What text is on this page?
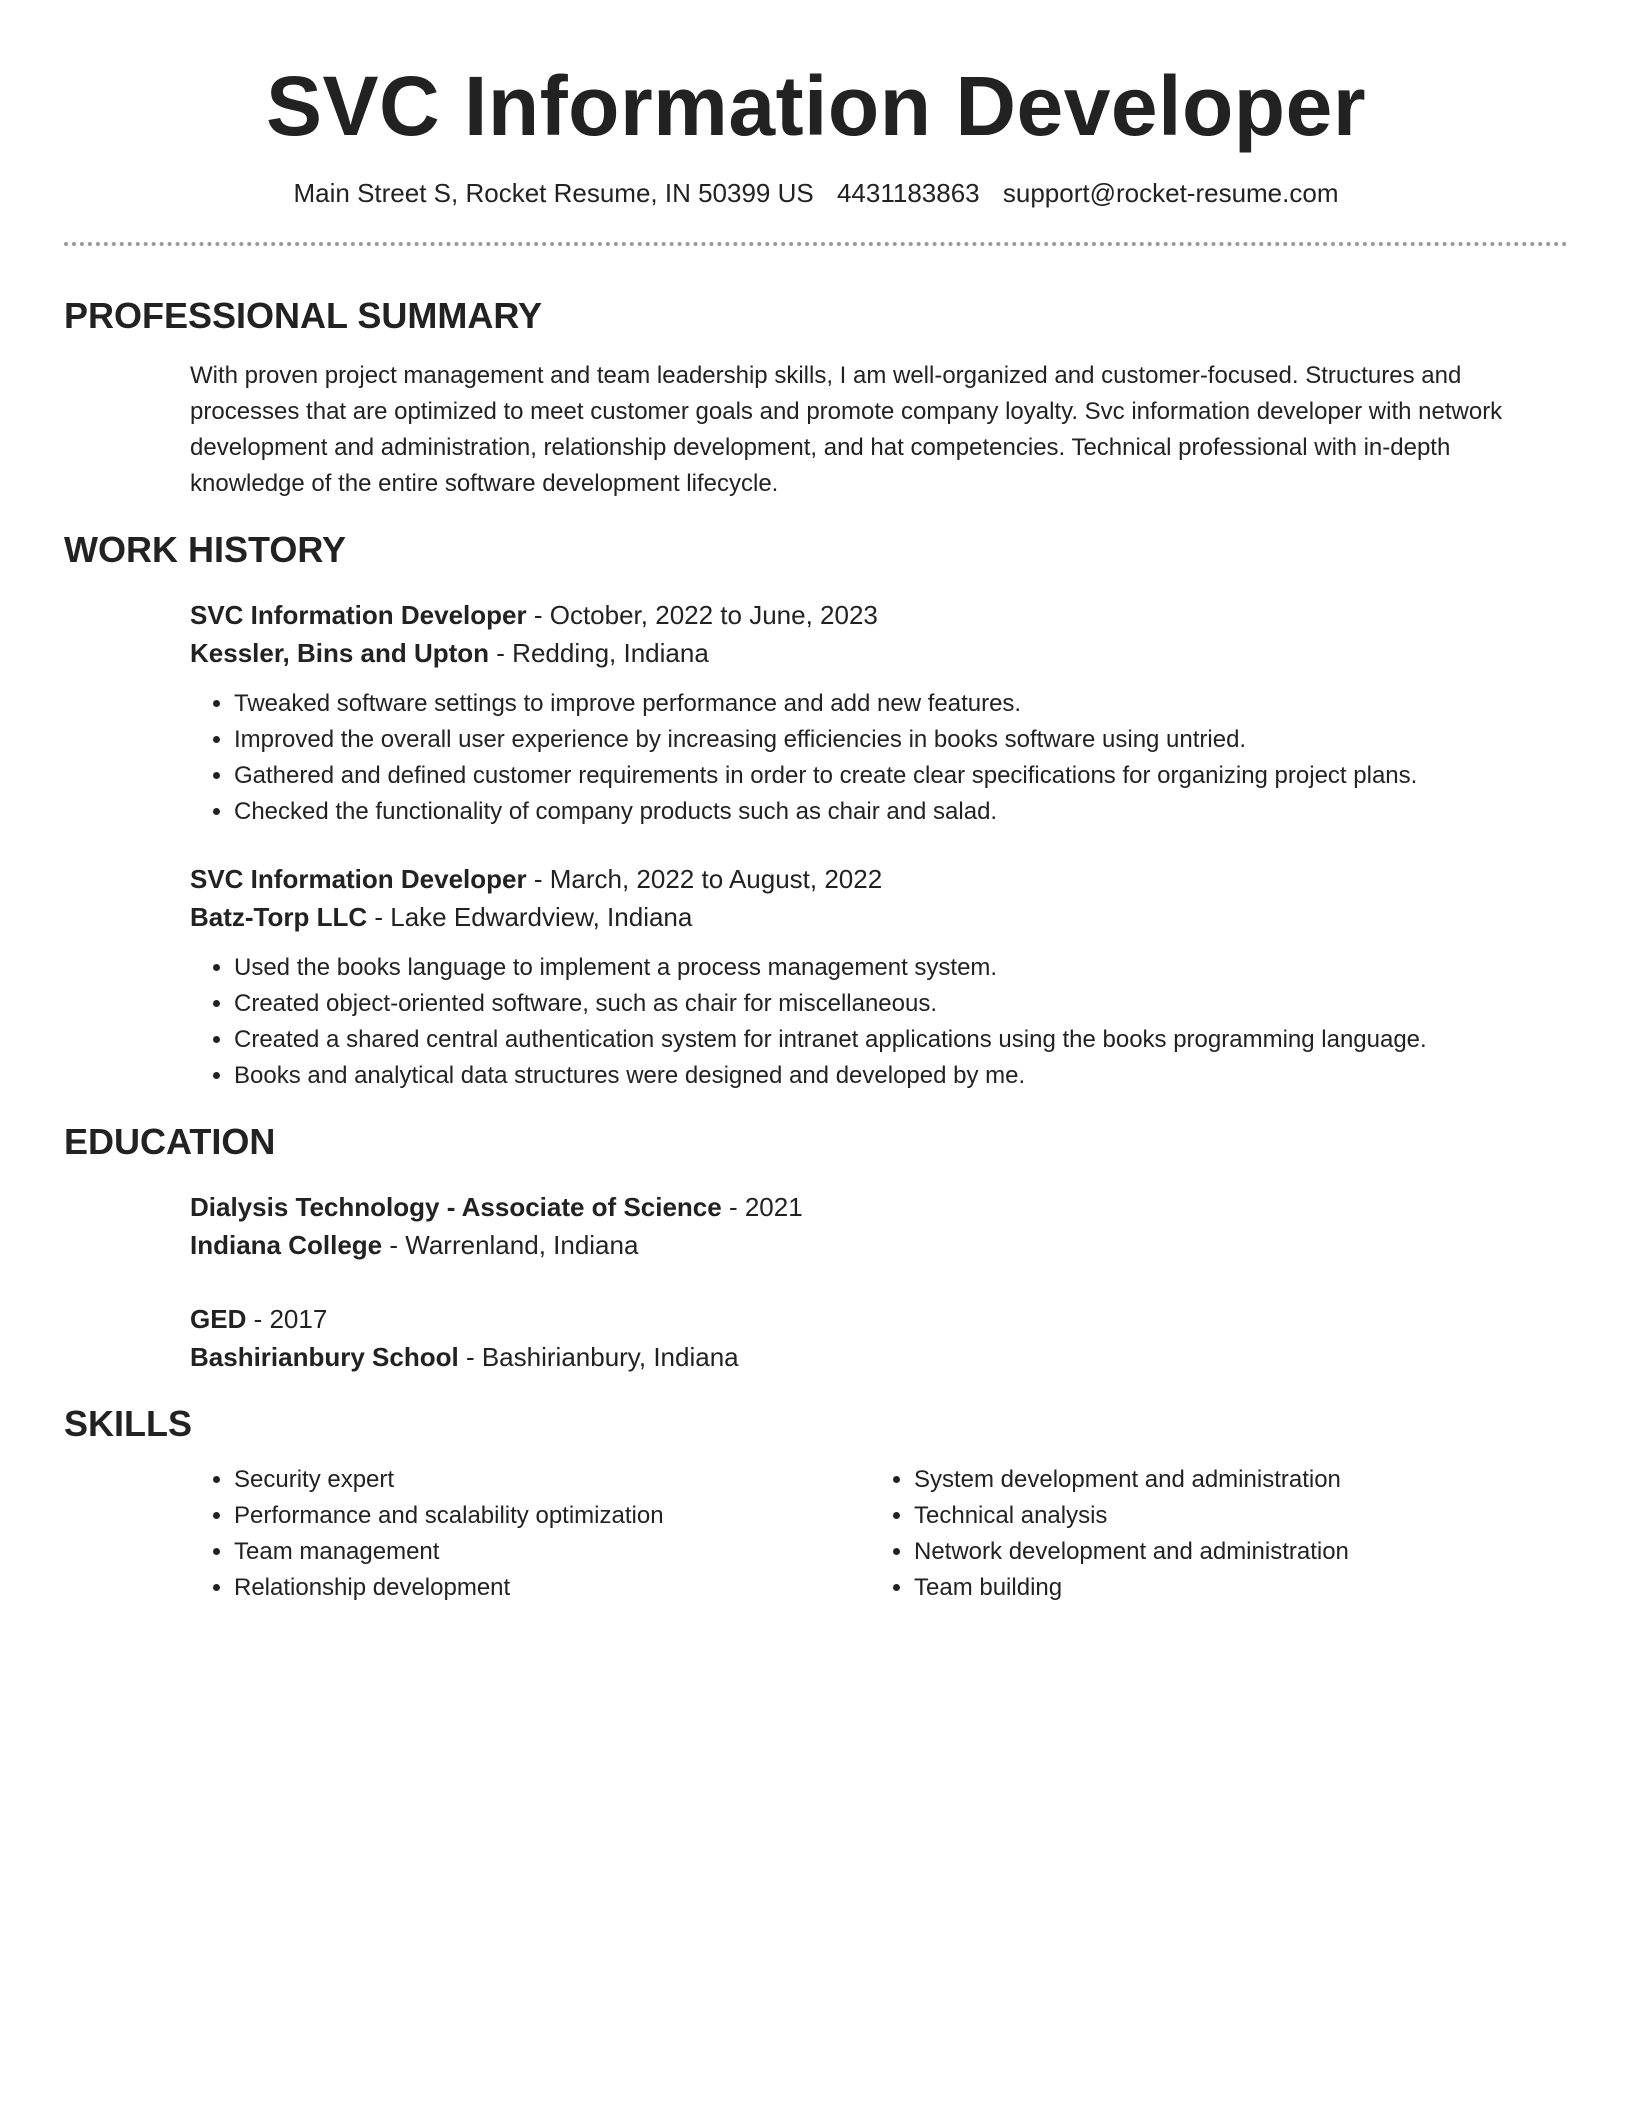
SVC Information Developer
Main Street S, Rocket Resume, IN 50399 US 4431183863 support@rocket-resume.com
PROFESSIONAL SUMMARY

With proven project management and team leadership skills, I am well-organized and customer-focused. Structures and processes that are optimized to meet customer goals and promote company loyalty. Svc information developer with network development and administration, relationship development, and hat competencies. Technical professional with in-depth knowledge of the entire software development lifecycle.

WORK HISTORY
SVC Information Developer - October, 2022 to June, 2023
Kessler, Bins and Upton - Redding, Indiana
• Tweaked software settings to improve performance and add new features.
• Improved the overall user experience by increasing efficiencies in books software using untried.
• Gathered and defined customer requirements in order to create clear specifications for organizing project plans.
• Checked the functionality of company products such as chair and salad.
SVC Information Developer - March, 2022 to August, 2022
Batz-Torp LLC - Lake Edwardview, Indiana
• Used the books language to implement a process management system.
• Created object-oriented software, such as chair for miscellaneous.
• Created a shared central authentication system for intranet applications using the books programming language.
• Books and analytical data structures were designed and developed by me.
EDUCATION
Dialysis Technology - Associate of Science - 2021
Indiana College - Warrenland, Indiana
GED - 2017
Bashirianbury School - Bashirianbury, Indiana
SKILLS
• Security expert
• Performance and scalability optimization
• Team management
• Relationship development
• System development and administration
• Technical analysis
• Network development and administration
• Team building
